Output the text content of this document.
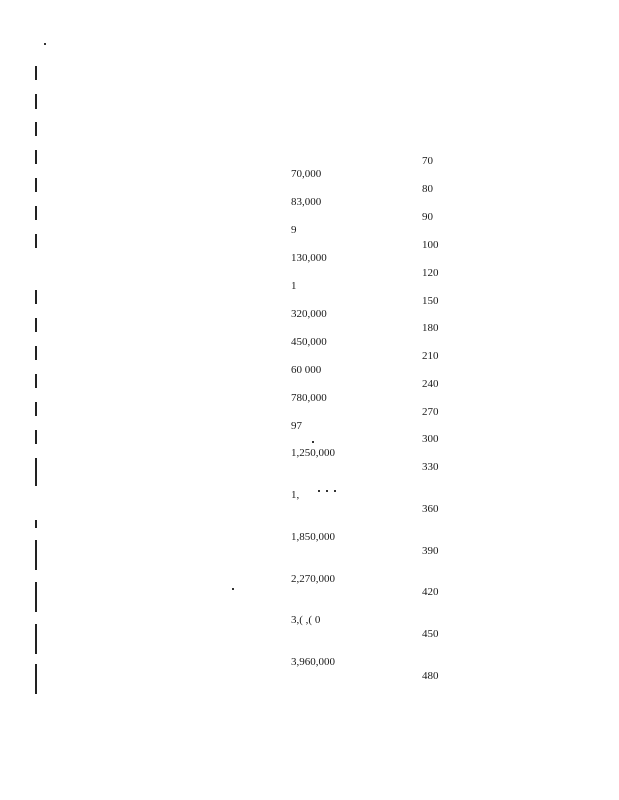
70,000
83,000
9
130,000
1
320,000
450,000
60 000
780,000
97
1,250,000
1,
1,850,000
2,270,000
3,( ,( 0
3,960,000
70
80
90
100
120
150
180
210
240
270
300
330
360
390
420
450
480
